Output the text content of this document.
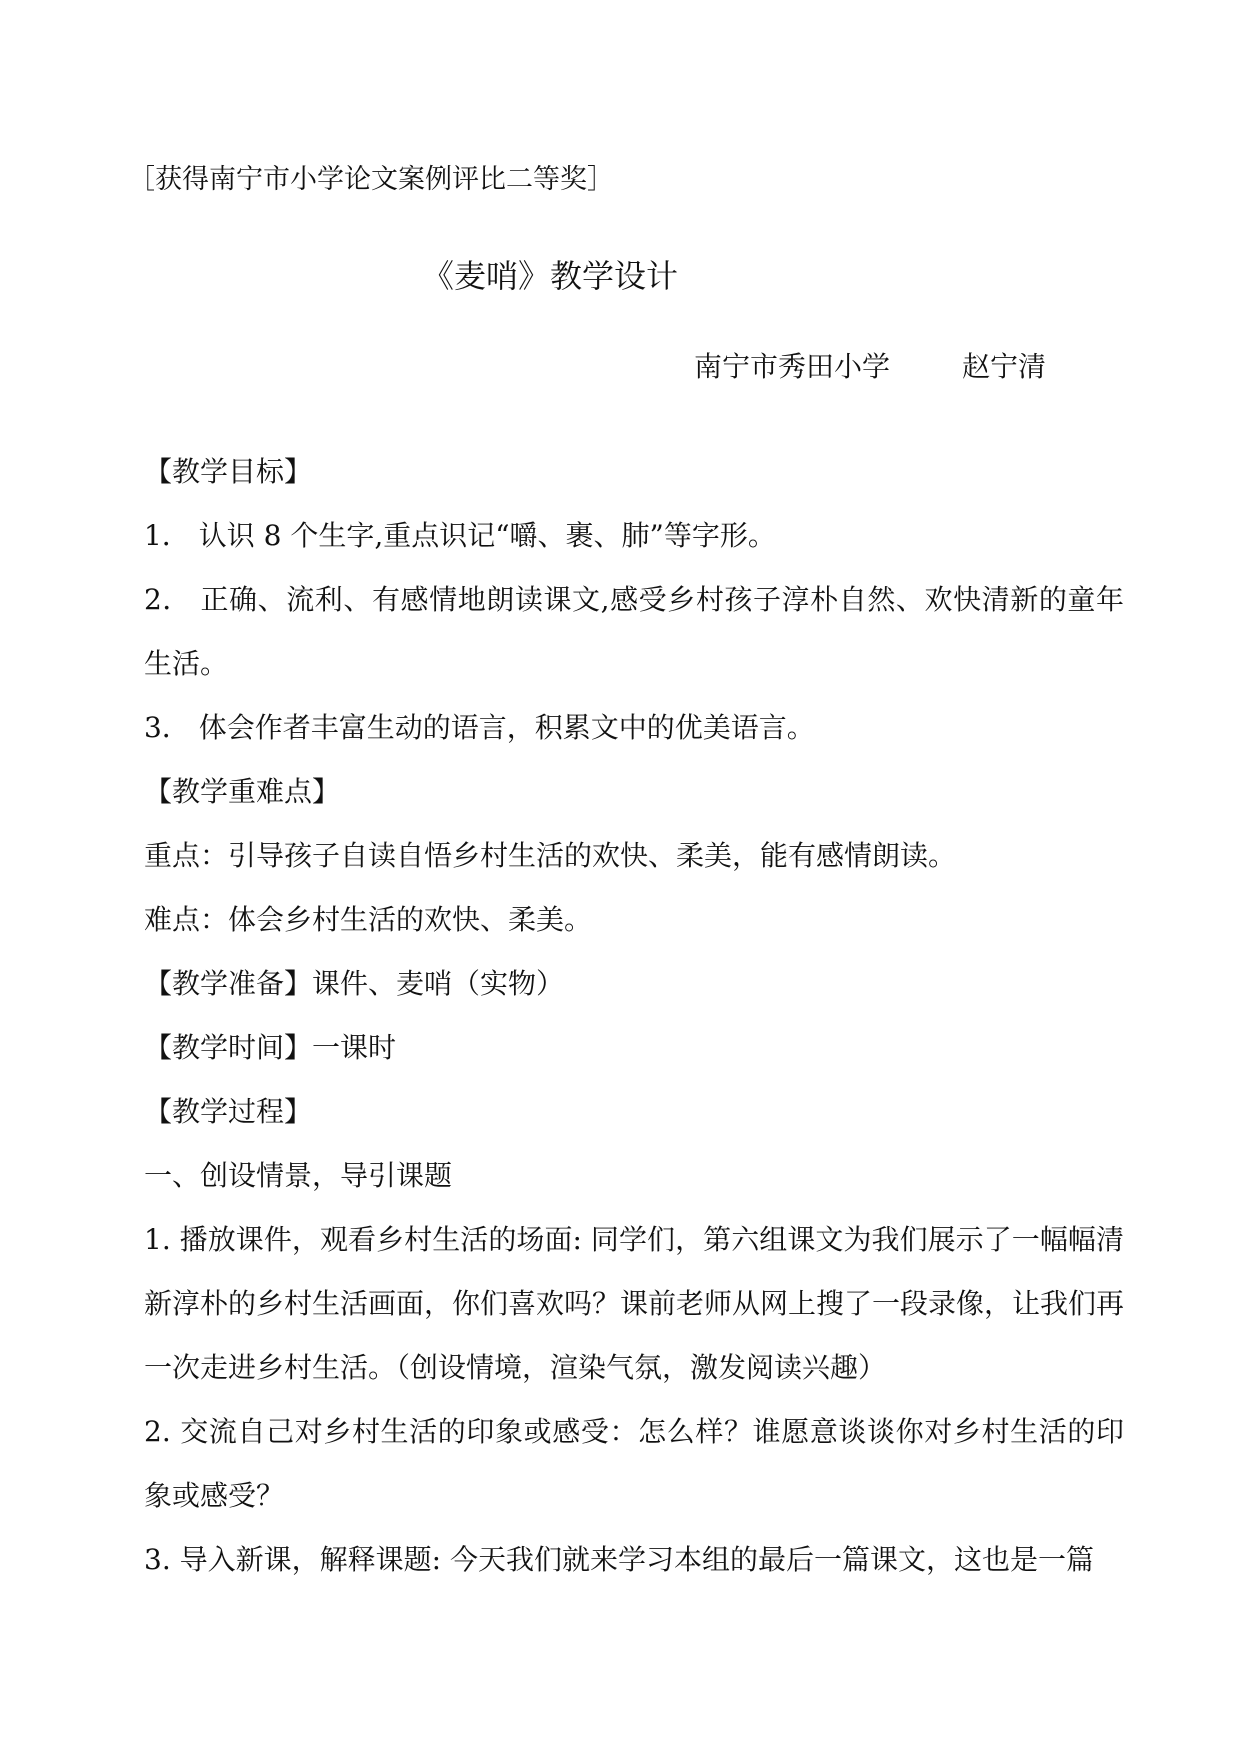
［获得南宁市小学论文案例评比二等奖］
《麦哨》教学设计
南宁市秀田小学	赵宁清

【教学目标】

1． 认识 8 个生字,重点识记“嚼、裹、肺”等字形。

2． 正确、流利、有感情地朗读课文,感受乡村孩子淳朴自然、欢快清新的童年生活。

3． 体会作者丰富生动的语言，积累文中的优美语言。

【教学重难点】

重点：引导孩子自读自悟乡村生活的欢快、柔美，能有感情朗读。

难点：体会乡村生活的欢快、柔美。

【教学准备】课件、麦哨（实物）

【教学时间】一课时

【教学过程】

一、创设情景，导引课题

1. 播放课件，观看乡村生活的场面: 同学们，第六组课文为我们展示了一幅幅清新淳朴的乡村生活画面，你们喜欢吗？课前老师从网上搜了一段录像，让我们再一次走进乡村生活。（创设情境，渲染气氛，激发阅读兴趣）

2. 交流自己对乡村生活的印象或感受：怎么样？谁愿意谈谈你对乡村生活的印象或感受？

3. 导入新课，解释课题: 今天我们就来学习本组的最后一篇课文，这也是一篇
